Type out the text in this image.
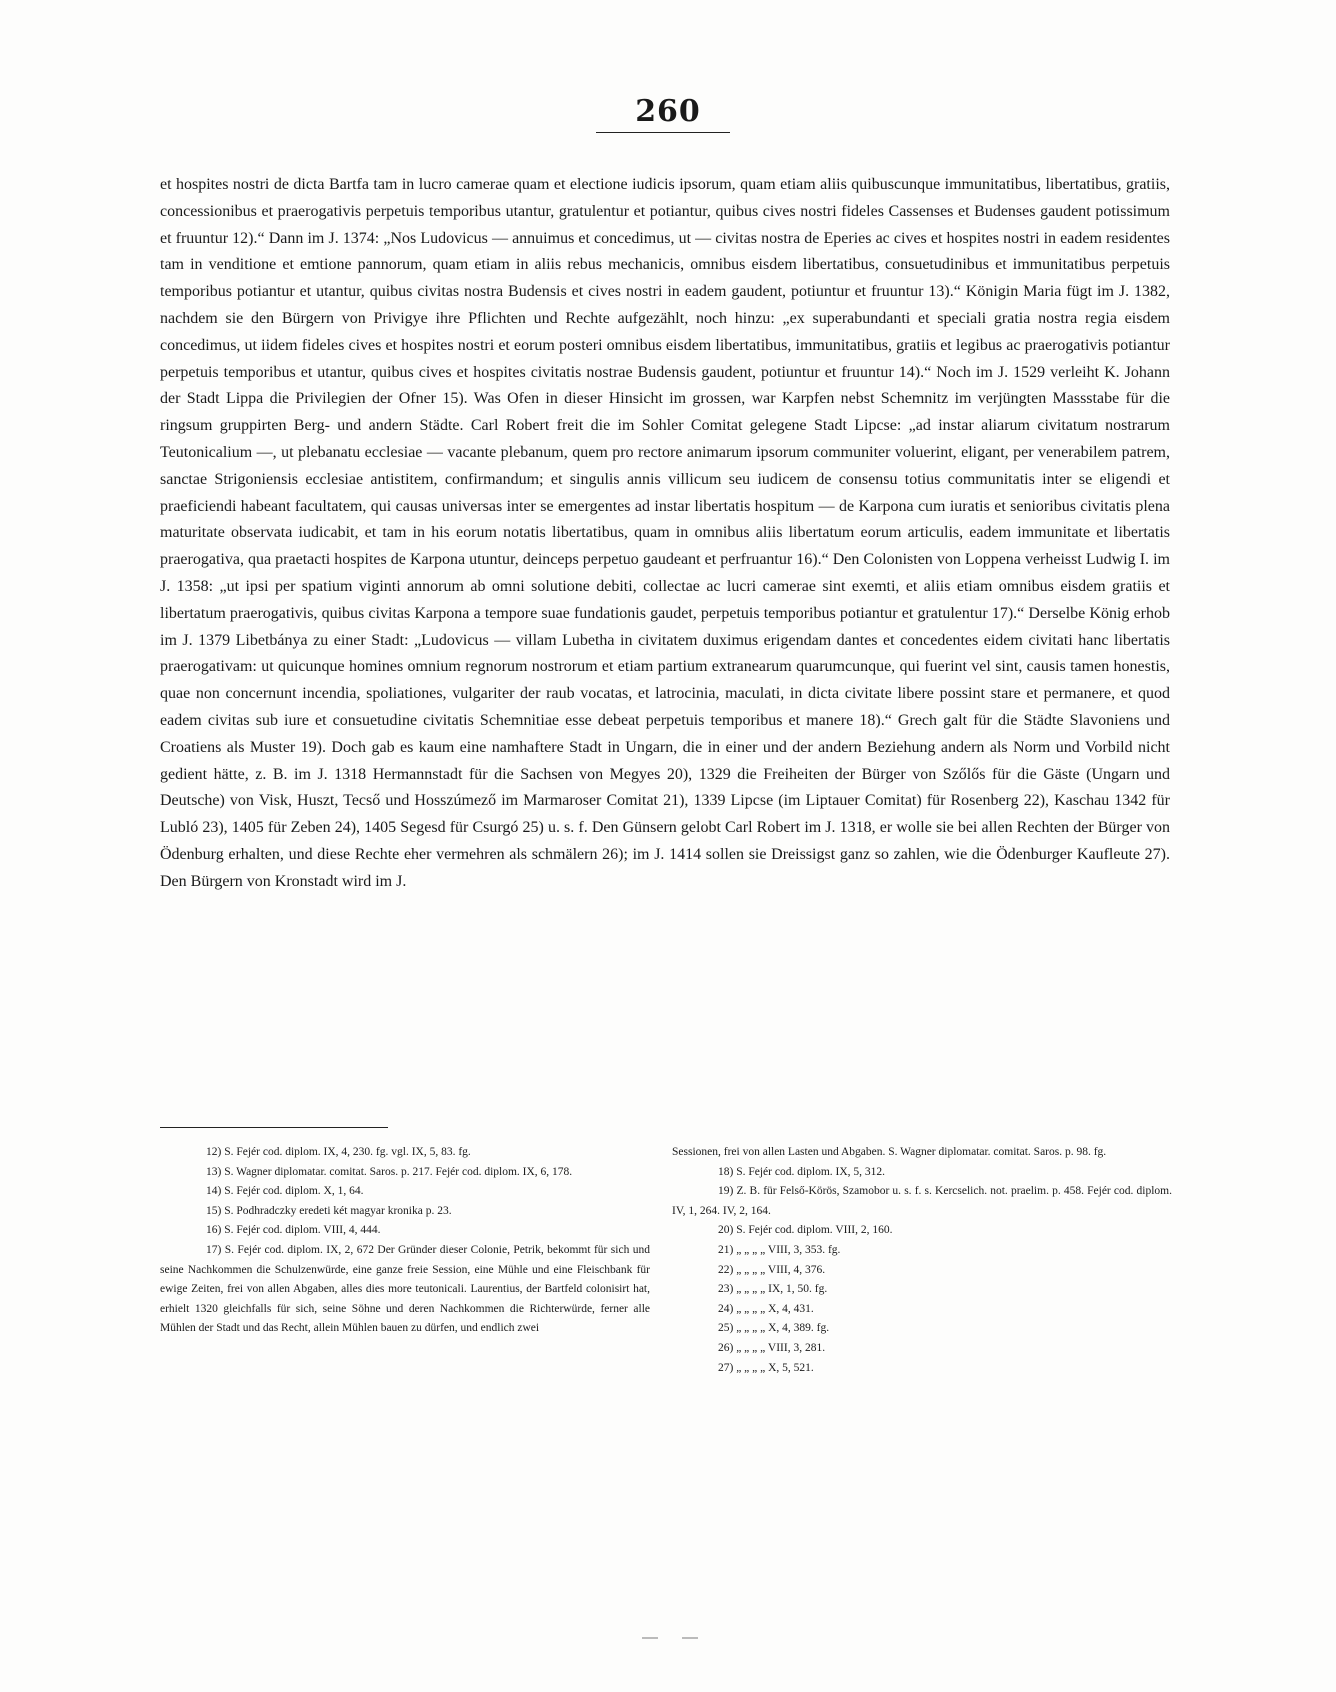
260

et hospites nostri de dicta Bartfa tam in lucro camerae quam et electione iudicis ipsorum, quam etiam aliis quibuscunque immunitatibus, libertatibus, gratiis, concessionibus et praerogativis perpetuis temporibus utantur, gratulentur et potiantur, quibus cives nostri fideles Cassenses et Budenses gaudent potissimum et fruuntur 12).“ Dann im J. 1374: „Nos Ludovicus — annuimus et concedimus, ut — civitas nostra de Eperies ac cives et hospites nostri in eadem residentes tam in venditione et emtione pannorum, quam etiam in aliis rebus mechanicis, omnibus eisdem libertatibus, consuetudinibus et immunitatibus perpetuis temporibus potiantur et utantur, quibus civitas nostra Budensis et cives nostri in eadem gaudent, potiuntur et fruuntur 13).“ Königin Maria fügt im J. 1382, nachdem sie den Bürgern von Privigye ihre Pflichten und Rechte aufgezählt, noch hinzu: „ex superabundanti et speciali gratia nostra regia eisdem concedimus, ut iidem fideles cives et hospites nostri et eorum posteri omnibus eisdem libertatibus, immunitatibus, gratiis et legibus ac praerogativis potiantur perpetuis temporibus et utantur, quibus cives et hospites civitatis nostrae Budensis gaudent, potiuntur et fruuntur 14).“ Noch im J. 1529 verleiht K. Johann der Stadt Lippa die Privilegien der Ofner 15). Was Ofen in dieser Hinsicht im grossen, war Karpfen nebst Schemnitz im verjüngten Massstabe für die ringsum gruppirten Berg- und andern Städte. Carl Robert freit die im Sohler Comitat gelegene Stadt Lipcse: „ad instar aliarum civitatum nostrarum Teutonicalium —, ut plebanatu ecclesiae — vacante plebanum, quem pro rectore animarum ipsorum communiter voluerint, eligant, per venerabilem patrem, sanctae Strigoniensis ecclesiae antistitem, confirmandum; et singulis annis villicum seu iudicem de consensu totius communitatis inter se eligendi et praeficiendi habeant facultatem, qui causas universas inter se emergentes ad instar libertatis hospitum — de Karpona cum iuratis et senioribus civitatis plena maturitate observata iudicabit, et tam in his eorum notatis libertatibus, quam in omnibus aliis libertatum eorum articulis, eadem immunitate et libertatis praerogativa, qua praetacti hospites de Karpona utuntur, deinceps perpetuo gaudeant et perfruantur 16).“ Den Colonisten von Loppena verheisst Ludwig I. im J. 1358: „ut ipsi per spatium viginti annorum ab omni solutione debiti, collectae ac lucri camerae sint exemti, et aliis etiam omnibus eisdem gratiis et libertatum praerogativis, quibus civitas Karpona a tempore suae fundationis gaudet, perpetuis temporibus potiantur et gratulentur 17).“ Derselbe König erhob im J. 1379 Libetbánya zu einer Stadt: „Ludovicus — villam Lubetha in civitatem duximus erigendam dantes et concedentes eidem civitati hanc libertatis praerogativam: ut quicunque homines omnium regnorum nostrorum et etiam partium extranearum quarumcunque, qui fuerint vel sint, causis tamen honestis, quae non concernunt incendia, spoliationes, vulgariter der raub vocatas, et latrocinia, maculati, in dicta civitate libere possint stare et permanere, et quod eadem civitas sub iure et consuetudine civitatis Schemnitiae esse debeat perpetuis temporibus et manere 18).“ Grech galt für die Städte Slavoniens und Croatiens als Muster 19). Doch gab es kaum eine namhaftere Stadt in Ungarn, die in einer und der andern Beziehung andern als Norm und Vorbild nicht gedient hätte, z. B. im J. 1318 Hermannstadt für die Sachsen von Megyes 20), 1329 die Freiheiten der Bürger von Szőlős für die Gäste (Ungarn und Deutsche) von Visk, Huszt, Tecső und Hosszúmező im Marmaroser Comitat 21), 1339 Lipcse (im Liptauer Comitat) für Rosenberg 22), Kaschau 1342 für Lubló 23), 1405 für Zeben 24), 1405 Segesd für Csurgó 25) u. s. f. Den Günsern gelobt Carl Robert im J. 1318, er wolle sie bei allen Rechten der Bürger von Ödenburg erhalten, und diese Rechte eher vermehren als schmälern 26); im J. 1414 sollen sie Dreissigst ganz so zahlen, wie die Ödenburger Kaufleute 27). Den Bürgern von Kronstadt wird im J.

12) S. Fejér cod. diplom. IX, 4, 230. fg. vgl. IX, 5, 83. fg.

13) S. Wagner diplomatar. comitat. Saros. p. 217. Fejér cod. diplom. IX, 6, 178.

14) S. Fejér cod. diplom. X, 1, 64.

15) S. Podhradczky eredeti két magyar kronika p. 23.

16) S. Fejér cod. diplom. VIII, 4, 444.

17) S. Fejér cod. diplom. IX, 2, 672 Der Gründer dieser Colonie, Petrik, bekommt für sich und seine Nachkommen die Schulzenwürde, eine ganze freie Session, eine Mühle und eine Fleischbank für ewige Zeiten, frei von allen Abgaben, alles dies more teutonicali. Laurentius, der Bartfeld colonisirt hat, erhielt 1320 gleichfalls für sich, seine Söhne und deren Nachkommen die Richterwürde, ferner alle Mühlen der Stadt und das Recht, allein Mühlen bauen zu dürfen, und endlich zwei

Sessionen, frei von allen Lasten und Abgaben. S. Wagner diplomatar. comitat. Saros. p. 98. fg.

18) S. Fejér cod. diplom. IX, 5, 312.

19) Z. B. für Felső-Körös, Szamobor u. s. f. s. Kercselich. not. praelim. p. 458. Fejér cod. diplom. IV, 1, 264. IV, 2, 164.

20) S. Fejér cod. diplom. VIII, 2, 160.

21) „ „ „ „ VIII, 3, 353. fg.

22) „ „ „ „ VIII, 4, 376.

23) „ „ „ „ IX, 1, 50. fg.

24) „ „ „ „ X, 4, 431.

25) „ „ „ „ X, 4, 389. fg.

26) „ „ „ „ VIII, 3, 281.

27) „ „ „ „ X, 5, 521.
